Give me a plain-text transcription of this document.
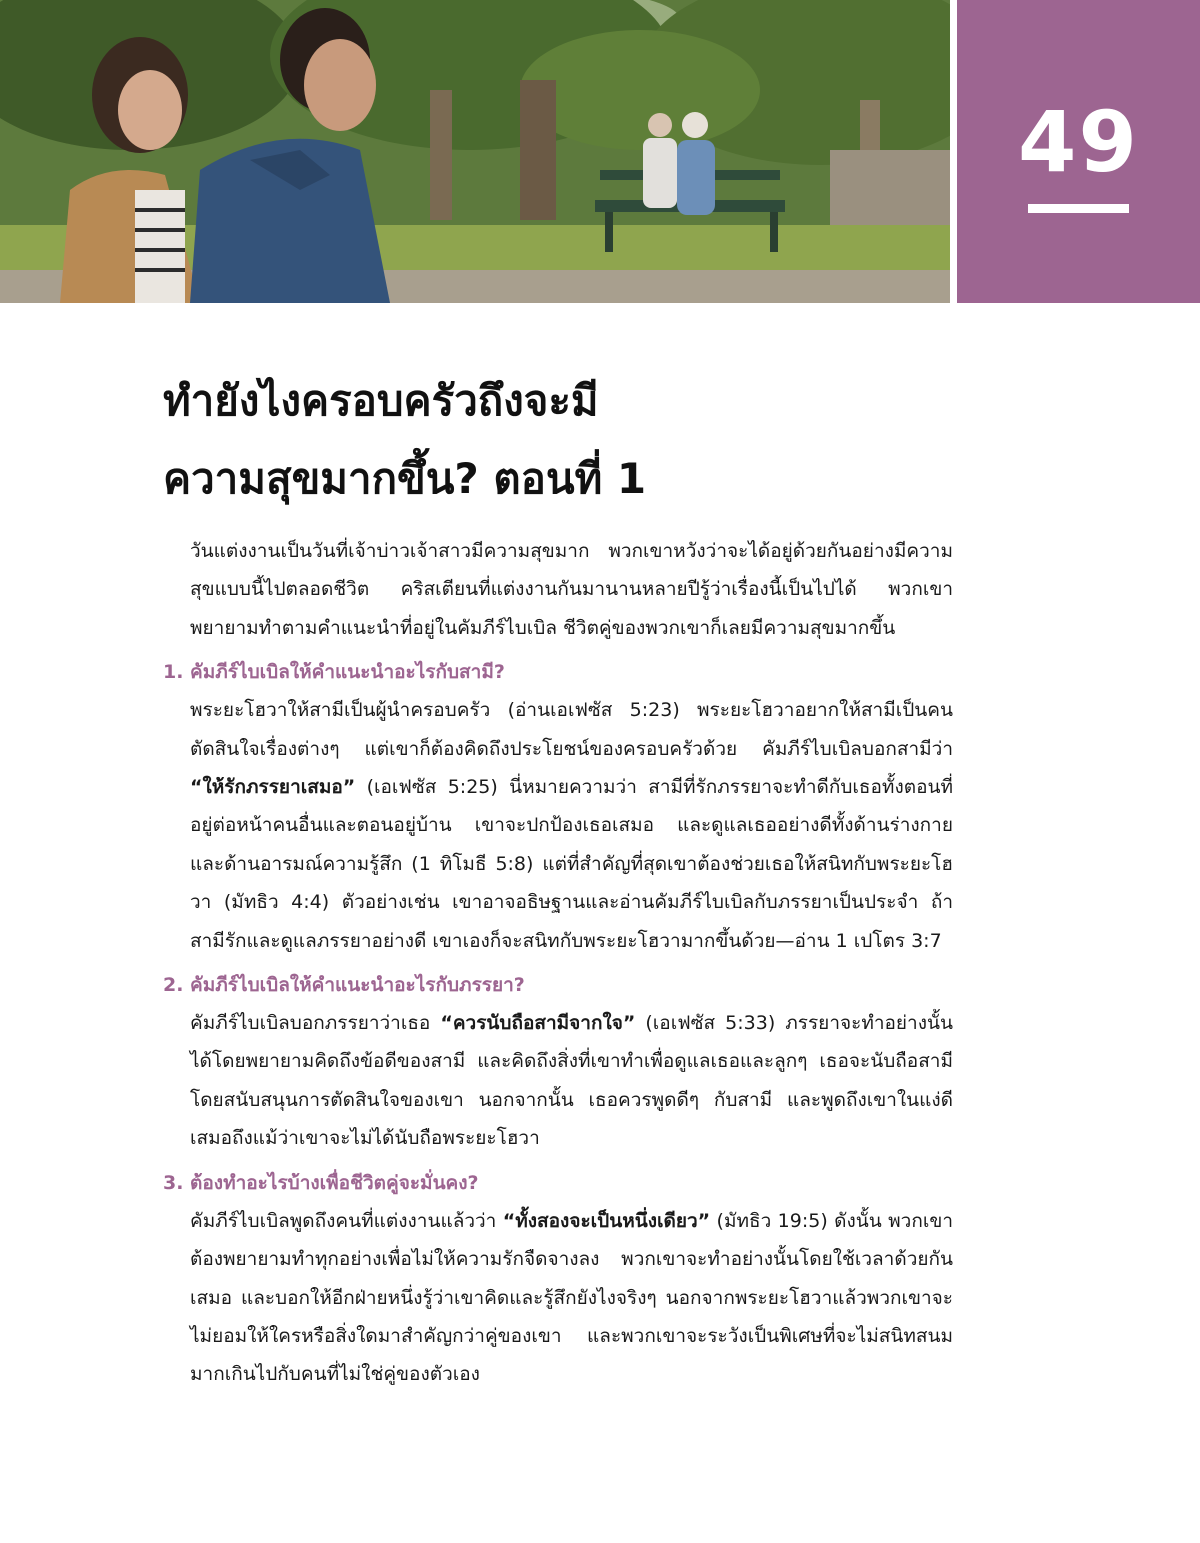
49
ทำยังไงครอบครัวถึงจะมี
ความสุขมากขึ้น? ตอนที่ 1

วันแต่งงานเป็นวันที่เจ้าบ่าวเจ้าสาวมีความสุขมาก พวกเขาหวังว่าจะได้อยู่ด้วยกันอย่างมีความสุขแบบนี้ไปตลอดชีวิต คริสเตียนที่แต่งงานกันมานานหลายปีรู้ว่าเรื่องนี้เป็นไปได้ พวกเขาพยายามทำตามคำแนะนำที่อยู่ในคัมภีร์ไบเบิล ชีวิตคู่ของพวกเขาก็เลยมีความสุขมากขึ้น

1. คัมภีร์ไบเบิลให้คำแนะนำอะไรกับสามี?

พระยะโฮวาให้สามีเป็นผู้นำครอบครัว (อ่านเอเฟซัส 5:23) พระยะโฮวาอยากให้สามีเป็นคนตัดสินใจเรื่องต่างๆ แต่เขาก็ต้องคิดถึงประโยชน์ของครอบครัวด้วย คัมภีร์ไบเบิลบอกสามีว่า “ให้รักภรรยาเสมอ” (เอเฟซัส 5:25) นี่หมายความว่า สามีที่รักภรรยาจะทำดีกับเธอทั้งตอนที่อยู่ต่อหน้าคนอื่นและตอนอยู่บ้าน เขาจะปกป้องเธอเสมอ และดูแลเธออย่างดีทั้งด้านร่างกายและด้านอารมณ์ความรู้สึก (1 ทิโมธี 5:8) แต่ที่สำคัญที่สุดเขาต้องช่วยเธอให้สนิทกับพระยะโฮวา (มัทธิว 4:4) ตัวอย่างเช่น เขาอาจอธิษฐานและอ่านคัมภีร์ไบเบิลกับภรรยาเป็นประจำ ถ้าสามีรักและดูแลภรรยาอย่างดี เขาเองก็จะสนิทกับพระยะโฮวามากขึ้นด้วย—อ่าน 1 เปโตร 3:7

2. คัมภีร์ไบเบิลให้คำแนะนำอะไรกับภรรยา?

คัมภีร์ไบเบิลบอกภรรยาว่าเธอ “ควรนับถือสามีจากใจ” (เอเฟซัส 5:33) ภรรยาจะทำอย่างนั้นได้โดยพยายามคิดถึงข้อดีของสามี และคิดถึงสิ่งที่เขาทำเพื่อดูแลเธอและลูกๆ เธอจะนับถือสามีโดยสนับสนุนการตัดสินใจของเขา นอกจากนั้น เธอควรพูดดีๆ กับสามี และพูดถึงเขาในแง่ดีเสมอถึงแม้ว่าเขาจะไม่ได้นับถือพระยะโฮวา

3. ต้องทำอะไรบ้างเพื่อชีวิตคู่จะมั่นคง?

คัมภีร์ไบเบิลพูดถึงคนที่แต่งงานแล้วว่า “ทั้งสองจะเป็นหนึ่งเดียว” (มัทธิว 19:5) ดังนั้น พวกเขาต้องพยายามทำทุกอย่างเพื่อไม่ให้ความรักจืดจางลง พวกเขาจะทำอย่างนั้นโดยใช้เวลาด้วยกันเสมอ และบอกให้อีกฝ่ายหนึ่งรู้ว่าเขาคิดและรู้สึกยังไงจริงๆ นอกจากพระยะโฮวาแล้วพวกเขาจะไม่ยอมให้ใครหรือสิ่งใดมาสำคัญกว่าคู่ของเขา และพวกเขาจะระวังเป็นพิเศษที่จะไม่สนิทสนมมากเกินไปกับคนที่ไม่ใช่คู่ของตัวเอง
